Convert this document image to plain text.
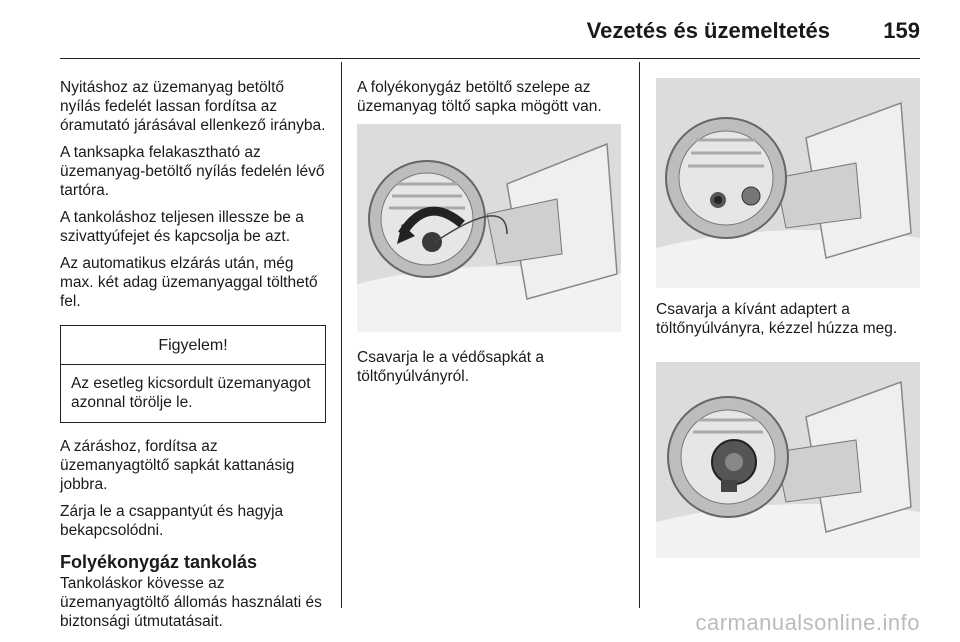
Vezetés és üzemeltetés 159

Nyitáshoz az üzemanyag betöltő nyílás fedelét lassan fordítsa az óramutató járásával ellenkező irányba.

A tanksapka felakasztható az üzemanyag-betöltő nyílás fedelén lévő tartóra.

A tankoláshoz teljesen illessze be a szivattyúfejet és kapcsolja be azt.

Az automatikus elzárás után, még max. két adag üzemanyaggal tölthető fel.

Figyelem!
Az esetleg kicsordult üzemanyagot azonnal törölje le.

A záráshoz, fordítsa az üzemanyagtöltő sapkát kattanásig jobbra.

Zárja le a csappantyút és hagyja bekapcsolódni.

Folyékonygáz tankolás

Tankoláskor kövesse az üzemanyagtöltő állomás használati és biztonsági útmutatásait.

A folyékonygáz betöltő szelepe az üzemanyag töltő sapka mögött van.

Csavarja le a védősapkát a töltőnyúlványról.
Csavarja a kívánt adaptert a töltőnyúlványra, kézzel húzza meg.
carmanualsonline.info
